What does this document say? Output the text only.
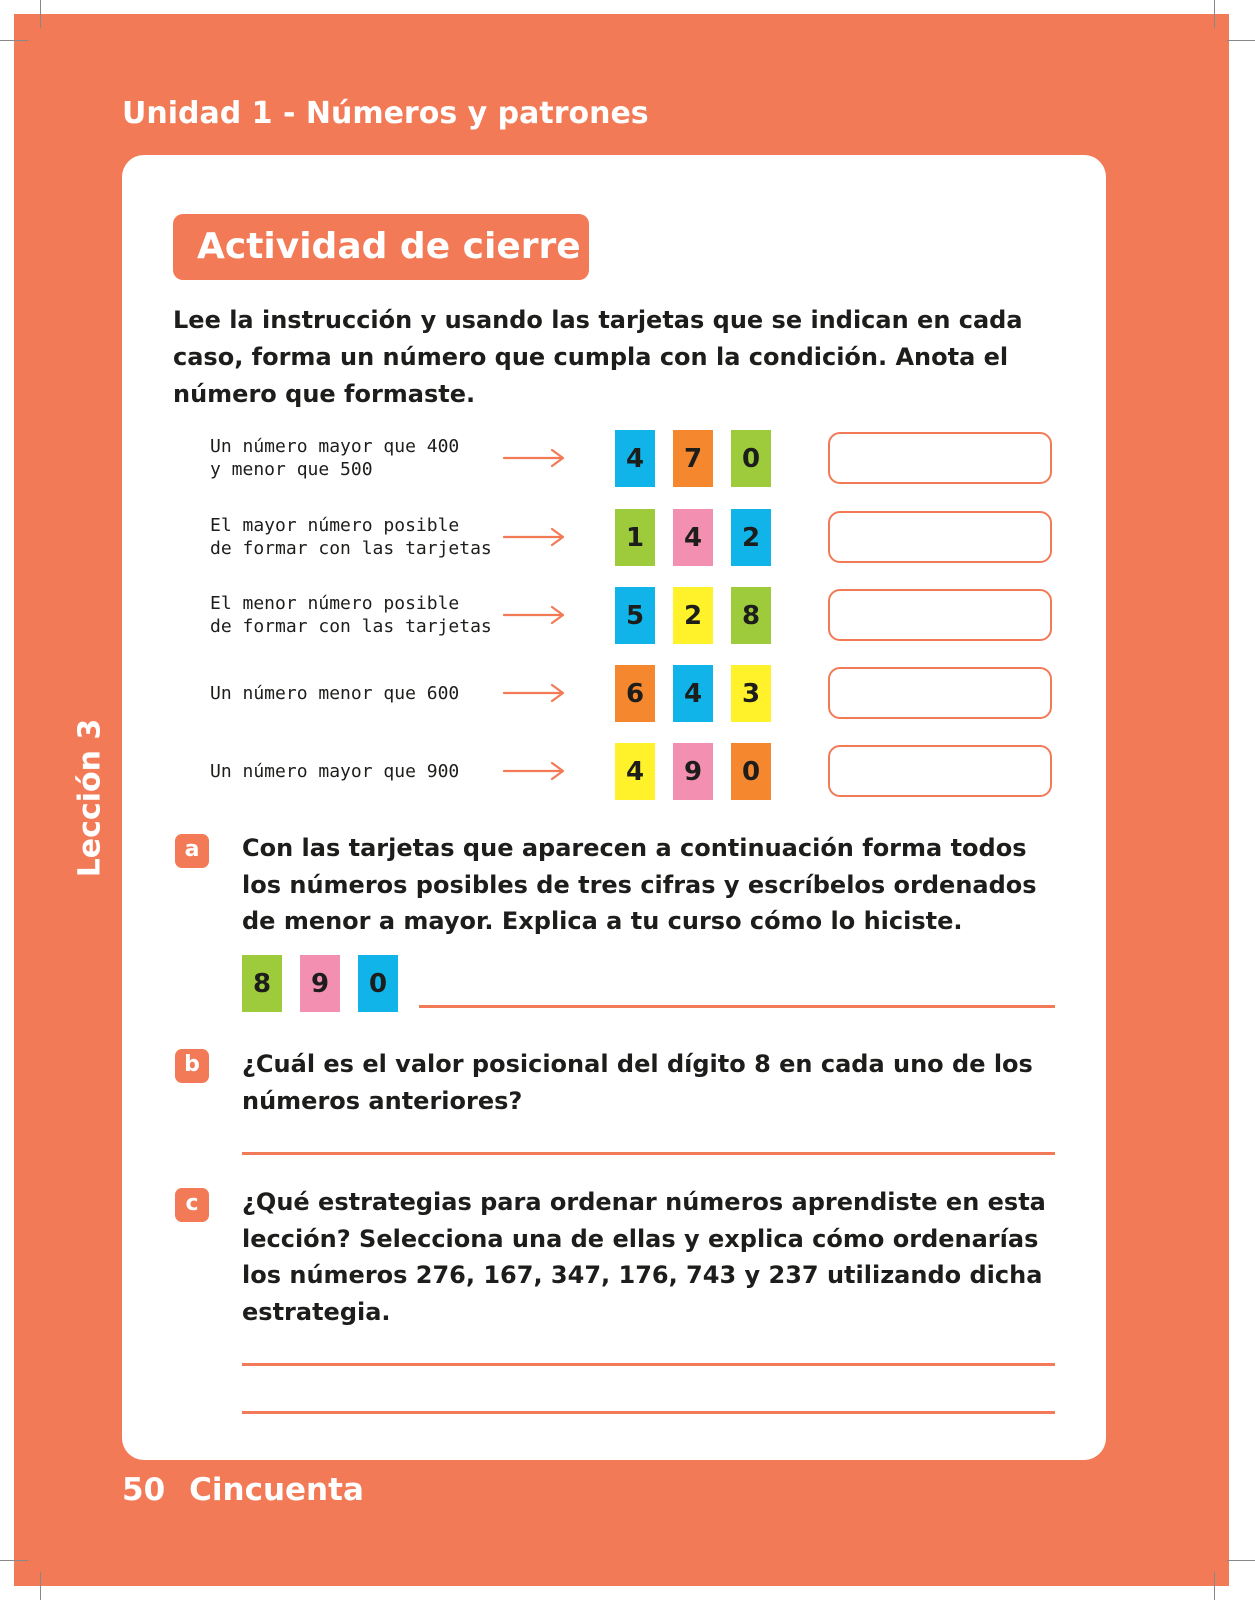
Unidad 1 - Números y patrones
Lección 3
Actividad de cierre
Lee la instrucción y usando las tarjetas que se indican en cada caso, forma un número que cumpla con la condición. Anota el número que formaste.
Un número mayor que 400
y menor que 500	4	7	0
El mayor número posible
de formar con las tarjetas	1	4	2
El menor número posible
de formar con las tarjetas	5	2	8
Un número menor que 600	6	4	3
Un número mayor que 900	4	9	0
a	Con las tarjetas que aparecen a continuación forma todos los números posibles de tres cifras y escríbelos ordenados de menor a mayor. Explica a tu curso cómo lo hiciste.
8	9	0
b	¿Cuál es el valor posicional del dígito 8 en cada uno de los números anteriores?
c	¿Qué estrategias para ordenar números aprendiste en esta lección? Selecciona una de ellas y explica cómo ordenarías los números 276, 167, 347, 176, 743 y 237 utilizando dicha estrategia.
50 Cincuenta
